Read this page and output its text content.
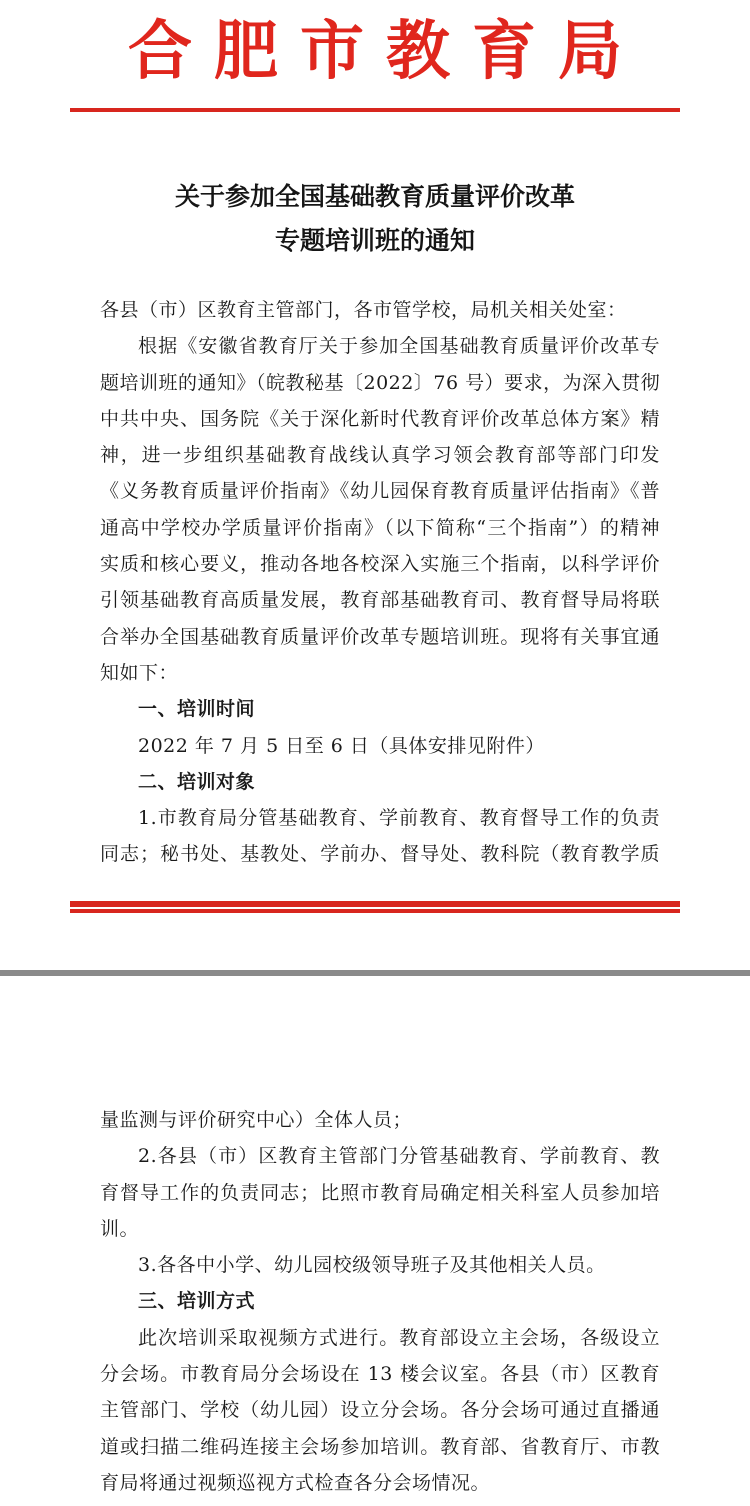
合肥市教育局
关于参加全国基础教育质量评价改革
专题培训班的通知
各县（市）区教育主管部门，各市管学校，局机关相关处室：
根据《安徽省教育厅关于参加全国基础教育质量评价改革专
题培训班的通知》（皖教秘基〔2022〕76 号）要求，为深入贯彻
中共中央、国务院《关于深化新时代教育评价改革总体方案》精
神，进一步组织基础教育战线认真学习领会教育部等部门印发
《义务教育质量评价指南》《幼儿园保育教育质量评估指南》《普
通高中学校办学质量评价指南》（以下简称“三个指南”）的精神
实质和核心要义，推动各地各校深入实施三个指南，以科学评价
引领基础教育高质量发展，教育部基础教育司、教育督导局将联
合举办全国基础教育质量评价改革专题培训班。现将有关事宜通
知如下：
一、培训时间
2022 年 7 月 5 日至 6 日（具体安排见附件）
二、培训对象
1.市教育局分管基础教育、学前教育、教育督导工作的负责
同志；秘书处、基教处、学前办、督导处、教科院（教育教学质
量监测与评价研究中心）全体人员；
2.各县（市）区教育主管部门分管基础教育、学前教育、教
育督导工作的负责同志；比照市教育局确定相关科室人员参加培
训。
3.各各中小学、幼儿园校级领导班子及其他相关人员。
三、培训方式
此次培训采取视频方式进行。教育部设立主会场，各级设立
分会场。市教育局分会场设在 13 楼会议室。各县（市）区教育
主管部门、学校（幼儿园）设立分会场。各分会场可通过直播通
道或扫描二维码连接主会场参加培训。教育部、省教育厅、市教
育局将通过视频巡视方式检查各分会场情况。
